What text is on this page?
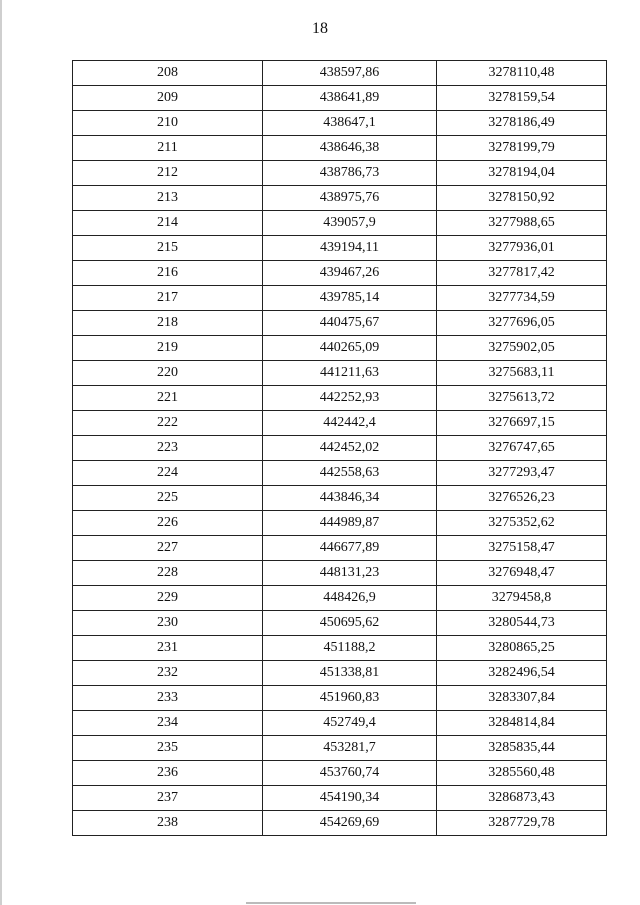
18
208	438597,86	3278110,48
209	438641,89	3278159,54
210	438647,1	3278186,49
211	438646,38	3278199,79
212	438786,73	3278194,04
213	438975,76	3278150,92
214	439057,9	3277988,65
215	439194,11	3277936,01
216	439467,26	3277817,42
217	439785,14	3277734,59
218	440475,67	3277696,05
219	440265,09	3275902,05
220	441211,63	3275683,11
221	442252,93	3275613,72
222	442442,4	3276697,15
223	442452,02	3276747,65
224	442558,63	3277293,47
225	443846,34	3276526,23
226	444989,87	3275352,62
227	446677,89	3275158,47
228	448131,23	3276948,47
229	448426,9	3279458,8
230	450695,62	3280544,73
231	451188,2	3280865,25
232	451338,81	3282496,54
233	451960,83	3283307,84
234	452749,4	3284814,84
235	453281,7	3285835,44
236	453760,74	3285560,48
237	454190,34	3286873,43
238	454269,69	3287729,78
